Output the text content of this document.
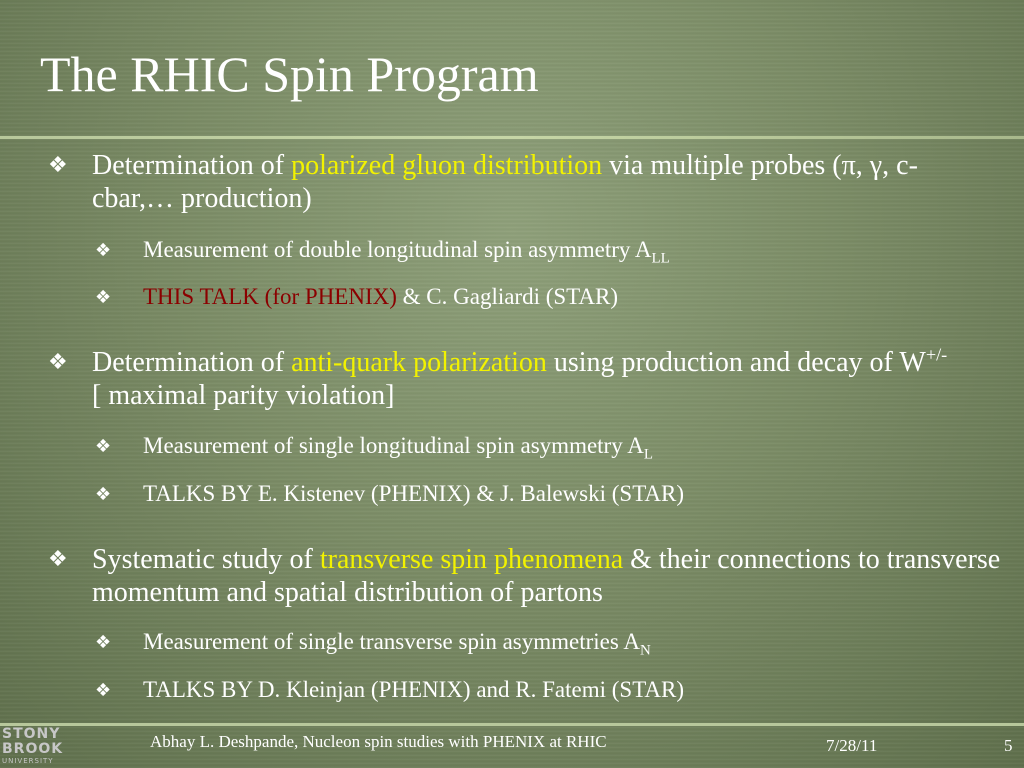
The RHIC Spin Program
❖ Determination of polarized gluon distribution via multiple probes (π, γ, c-cbar,… production)
❖ Measurement of double longitudinal spin asymmetry $A_{LL}$
❖ THIS TALK (for PHENIX) & C. Gagliardi (STAR)
❖ Determination of anti-quark polarization using production and decay of W+/- [ maximal parity violation]
❖ Measurement of single longitudinal spin asymmetry $A_L$
❖ TALKS BY E. Kistenev (PHENIX) & J. Balewski (STAR)
❖ Systematic study of transverse spin phenomena & their connections to transverse momentum and spatial distribution of partons
❖ Measurement of single transverse spin asymmetries $A_N$
❖ TALKS BY D. Kleinjan (PHENIX) and R. Fatemi (STAR)
STONY
BROOK
UNIVERSITY
Abhay L. Deshpande, Nucleon spin studies with PHENIX at RHIC	7/28/11	5
